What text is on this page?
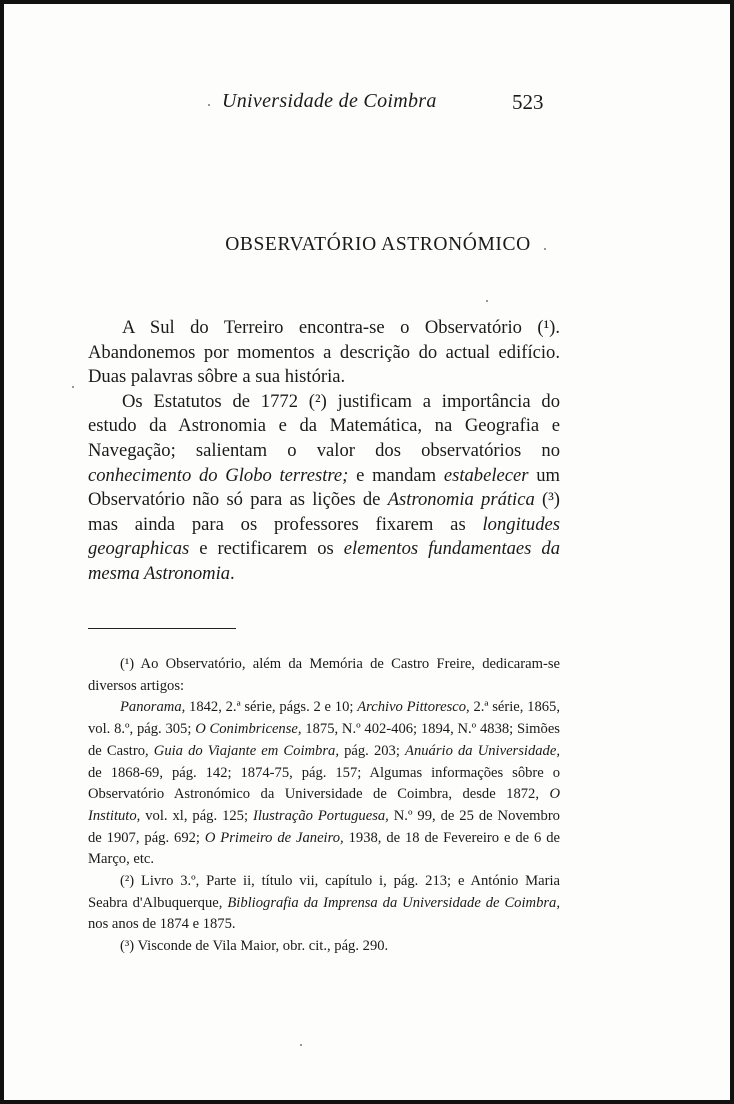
Universidade de Coimbra	523
OBSERVATÓRIO ASTRONÓMICO

A Sul do Terreiro encontra-se o Observatório (¹). Abandonemos por momentos a descrição do actual edifício. Duas palavras sôbre a sua história.

Os Estatutos de 1772 (²) justificam a importância do estudo da Astronomia e da Matemática, na Geografia e Navegação; salientam o valor dos observatórios no conhecimento do Globo terrestre; e mandam estabelecer um Observatório não só para as lições de Astronomia prática (³) mas ainda para os professores fixarem as longitudes geographicas e rectificarem os elementos fundamentaes da mesma Astronomia.

(¹) Ao Observatório, além da Memória de Castro Freire, dedicaram-se diversos artigos:

Panorama, 1842, 2.ª série, págs. 2 e 10; Archivo Pittoresco, 2.ª série, 1865, vol. 8.º, pág. 305; O Conimbricense, 1875, N.º 402-406; 1894, N.º 4838; Simões de Castro, Guia do Viajante em Coimbra, pág. 203; Anuário da Universidade, de 1868-69, pág. 142; 1874-75, pág. 157; Algumas informações sôbre o Observatório Astronómico da Universidade de Coimbra, desde 1872, O Instituto, vol. xl, pág. 125; Ilustração Portuguesa, N.º 99, de 25 de Novembro de 1907, pág. 692; O Primeiro de Janeiro, 1938, de 18 de Fevereiro e de 6 de Março, etc.

(²) Livro 3.º, Parte ii, título vii, capítulo i, pág. 213; e António Maria Seabra d'Albuquerque, Bibliografia da Imprensa da Universidade de Coimbra, nos anos de 1874 e 1875.

(³) Visconde de Vila Maior, obr. cit., pág. 290.
